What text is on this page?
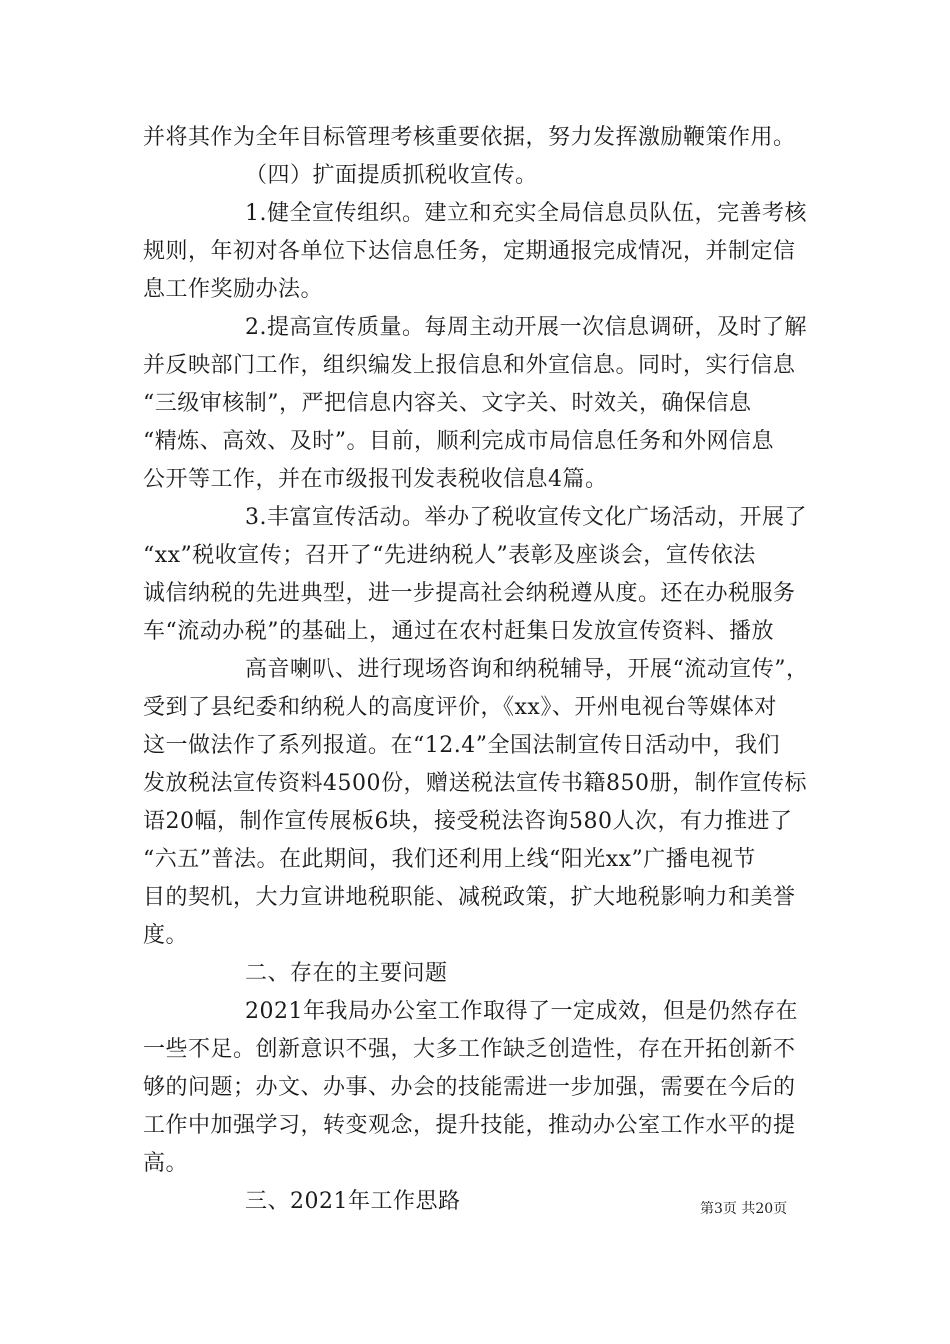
并将其作为全年目标管理考核重要依据，努力发挥激励鞭策作用。
（四）扩面提质抓税收宣传。
1.健全宣传组织。建立和充实全局信息员队伍，完善考核
规则，年初对各单位下达信息任务，定期通报完成情况，并制定信
息工作奖励办法。
2.提高宣传质量。每周主动开展一次信息调研，及时了解
并反映部门工作，组织编发上报信息和外宣信息。同时，实行信息
“三级审核制”，严把信息内容关、文字关、时效关，确保信息
“精炼、高效、及时”。目前，顺利完成市局信息任务和外网信息
公开等工作，并在市级报刊发表税收信息4篇。
3.丰富宣传活动。举办了税收宣传文化广场活动，开展了
“xx”税收宣传；召开了“先进纳税人”表彰及座谈会，宣传依法
诚信纳税的先进典型，进一步提高社会纳税遵从度。还在办税服务
车“流动办税”的基础上，通过在农村赶集日发放宣传资料、播放
高音喇叭、进行现场咨询和纳税辅导，开展“流动宣传”，
受到了县纪委和纳税人的高度评价，《xx》、开州电视台等媒体对
这一做法作了系列报道。在“12.4”全国法制宣传日活动中，我们
发放税法宣传资料4500份，赠送税法宣传书籍850册，制作宣传标
语20幅，制作宣传展板6块，接受税法咨询580人次，有力推进了
“六五”普法。在此期间，我们还利用上线“阳光xx”广播电视节
目的契机，大力宣讲地税职能、减税政策，扩大地税影响力和美誉
度。
二、存在的主要问题
2021年我局办公室工作取得了一定成效，但是仍然存在
一些不足。创新意识不强，大多工作缺乏创造性，存在开拓创新不
够的问题；办文、办事、办会的技能需进一步加强，需要在今后的
工作中加强学习，转变观念，提升技能，推动办公室工作水平的提
高。
三、2021年工作思路	第3页 共20页
